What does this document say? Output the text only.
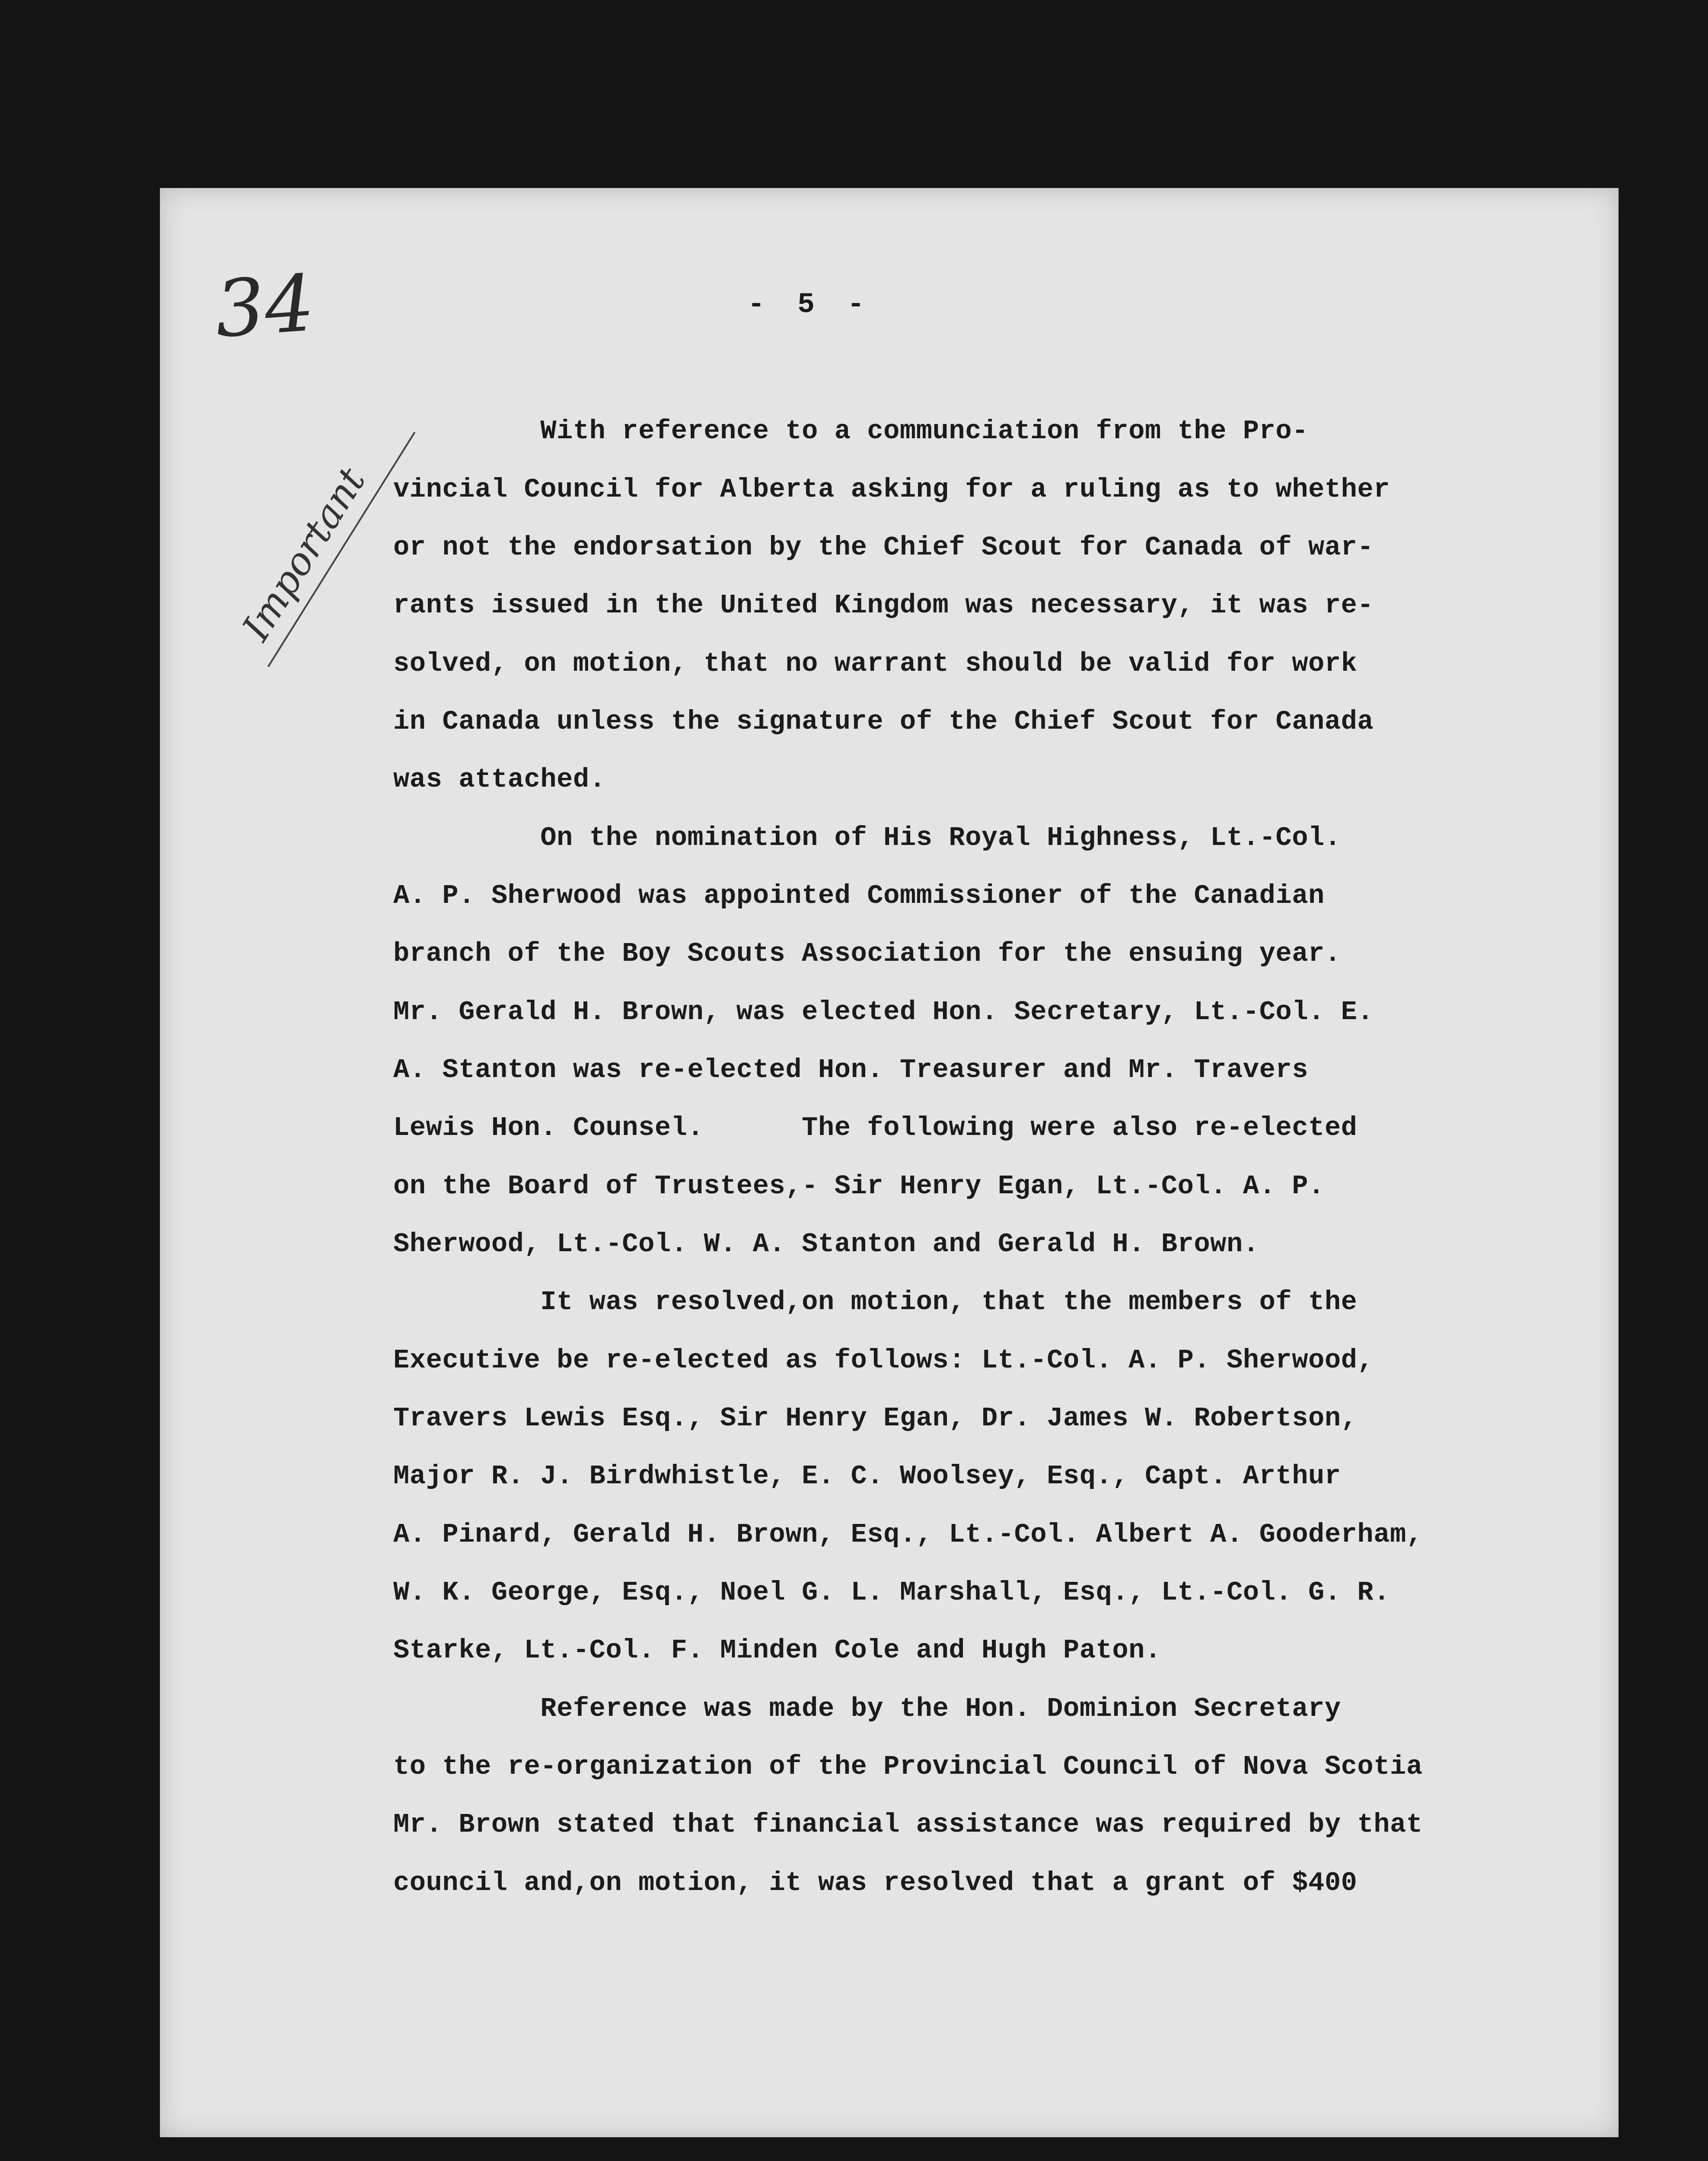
34	- 5 -
Important
With reference to a communciation from the Pro-
vincial Council for Alberta asking for a ruling as to whether
or not the endorsation by the Chief Scout for Canada of war-
rants issued in the United Kingdom was necessary, it was re-
solved, on motion, that no warrant should be valid for work
in Canada unless the signature of the Chief Scout for Canada
was attached.
On the nomination of His Royal Highness, Lt.-Col.
A. P. Sherwood was appointed Commissioner of the Canadian
branch of the Boy Scouts Association for the ensuing year.
Mr. Gerald H. Brown, was elected Hon. Secretary, Lt.-Col. E.
A. Stanton was re-elected Hon. Treasurer and Mr. Travers
Lewis Hon. Counsel.      The following were also re-elected
on the Board of Trustees,- Sir Henry Egan, Lt.-Col. A. P.
Sherwood, Lt.-Col. W. A. Stanton and Gerald H. Brown.
It was resolved,on motion, that the members of the
Executive be re-elected as follows: Lt.-Col. A. P. Sherwood,
Travers Lewis Esq., Sir Henry Egan, Dr. James W. Robertson,
Major R. J. Birdwhistle, E. C. Woolsey, Esq., Capt. Arthur
A. Pinard, Gerald H. Brown, Esq., Lt.-Col. Albert A. Gooderham,
W. K. George, Esq., Noel G. L. Marshall, Esq., Lt.-Col. G. R.
Starke, Lt.-Col. F. Minden Cole and Hugh Paton.
Reference was made by the Hon. Dominion Secretary
to the re-organization of the Provincial Council of Nova Scotia
Mr. Brown stated that financial assistance was required by that
council and,on motion, it was resolved that a grant of $400
